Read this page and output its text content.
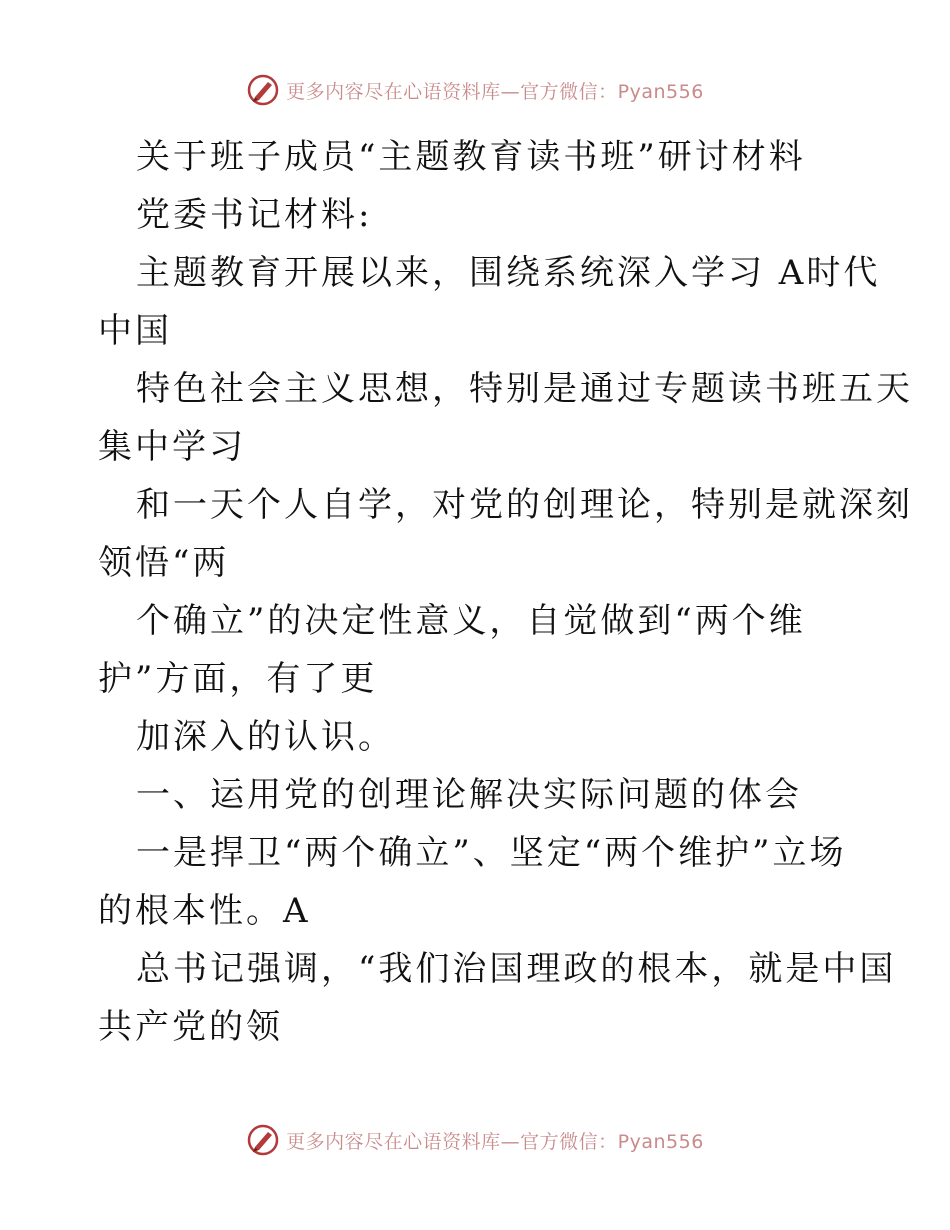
更多内容尽在心语资料库—官方微信：Pyan556
关于班子成员“主题教育读书班”研讨材料
党委书记材料:
主题教育开展以来，围绕系统深入学习 A时代
中国
特色社会主义思想，特别是通过专题读书班五天
集中学习
和一天个人自学，对党的创理论，特别是就深刻
领悟“两
个确立”的决定性意义，自觉做到“两个维
护”方面，有了更
加深入的认识。
一、运用党的创理论解决实际问题的体会
一是捍卫“两个确立”、坚定“两个维护”立场
的根本性。A
总书记强调，“我们治国理政的根本，就是中国
共产党的领
更多内容尽在心语资料库—官方微信：Pyan556
